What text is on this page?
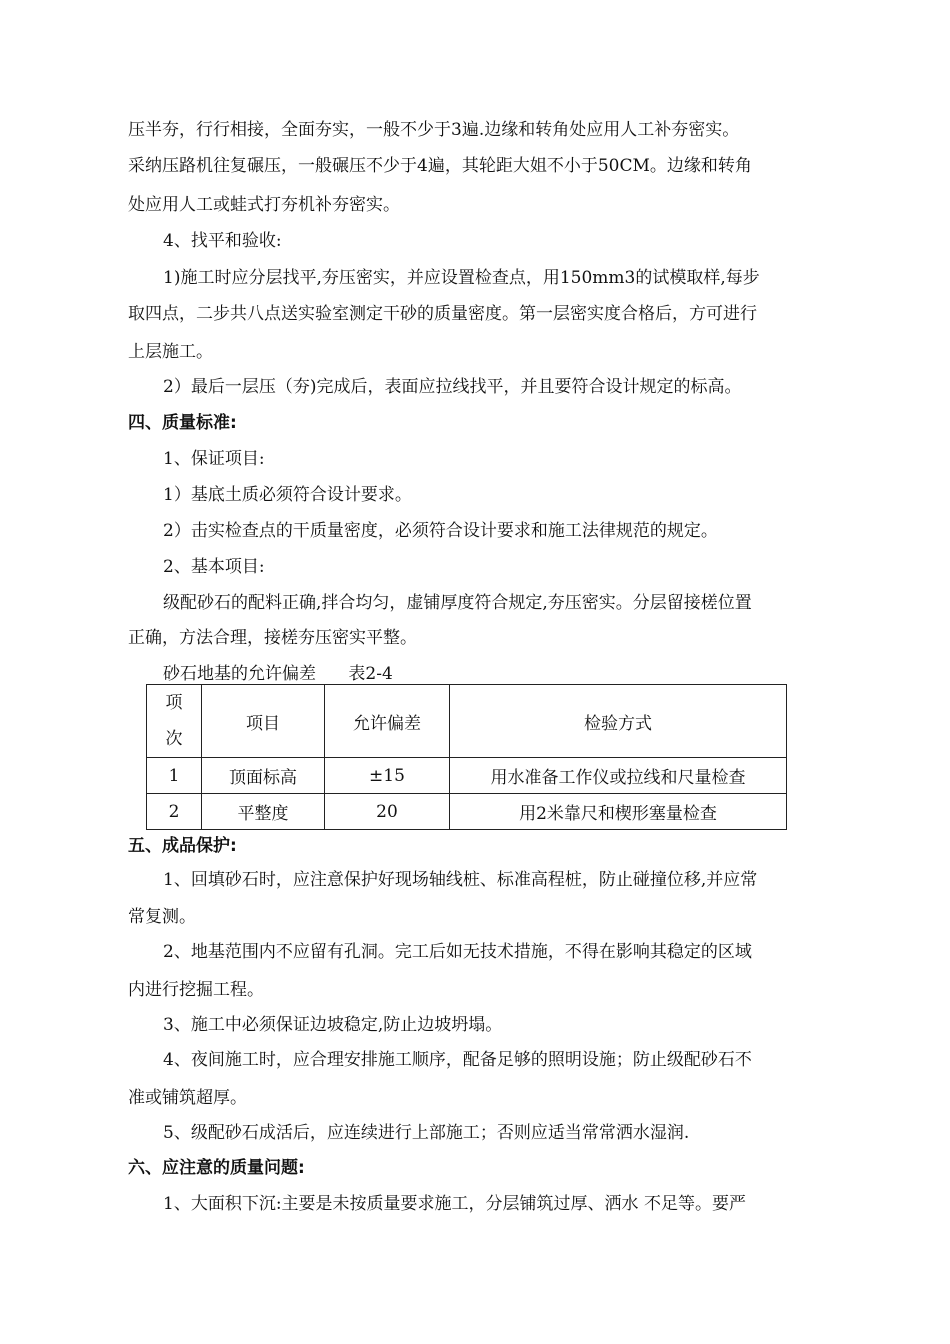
压半夯，行行相接，全面夯实，一般不少于3遍.边缘和转角处应用人工补夯密实。
采纳压路机往复碾压，一般碾压不少于4遍，其轮距大姐不小于50CM。边缘和转角
处应用人工或蛙式打夯机补夯密实。
4、找平和验收:
1)施工时应分层找平,夯压密实，并应设置检查点，用150mm3的试模取样,每步
取四点，二步共八点送实验室测定干砂的质量密度。第一层密实度合格后，方可进行
上层施工。
2）最后一层压（夯)完成后，表面应拉线找平，并且要符合设计规定的标高。
四、质量标准:
1、保证项目:
1）基底土质必须符合设计要求。
2）击实检查点的干质量密度，必须符合设计要求和施工法律规范的规定。
2、基本项目:
级配砂石的配料正确,拌合均匀，虚铺厚度符合规定,夯压密实。分层留接槎位置
正确，方法合理，接槎夯压密实平整。
砂石地基的允许偏差      表2-4
项
次	项目	允许偏差	检验方式
1	顶面标高	±15	用水准备工作仪或拉线和尺量检查
2	平整度	20	用2米靠尺和楔形塞量检查
五、成品保护:
1、回填砂石时，应注意保护好现场轴线桩、标准高程桩，防止碰撞位移,并应常
常复测。
2、地基范围内不应留有孔洞。完工后如无技术措施，不得在影响其稳定的区域
内进行挖掘工程。
3、施工中必须保证边坡稳定,防止边坡坍塌。
4、夜间施工时，应合理安排施工顺序，配备足够的照明设施；防止级配砂石不
准或铺筑超厚。
5、级配砂石成活后，应连续进行上部施工；否则应适当常常洒水湿润.
六、应注意的质量问题:
1、大面积下沉:主要是未按质量要求施工，分层铺筑过厚、洒水 不足等。要严
